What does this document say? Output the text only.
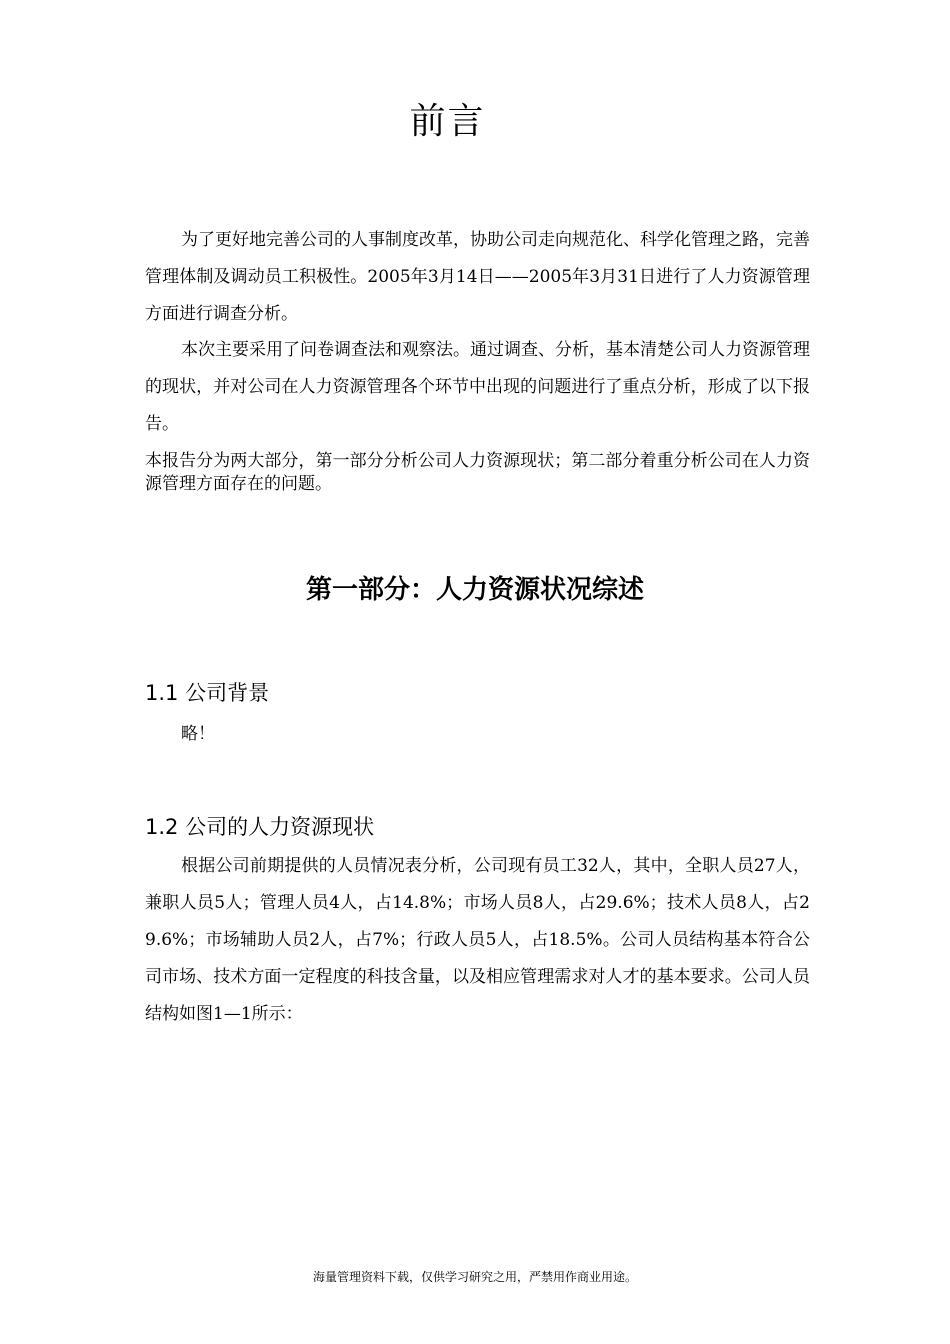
前言

为了更好地完善公司的人事制度改革，协助公司走向规范化、科学化管理之路，完善管理体制及调动员工积极性。2005年3月14日——2005年3月31日进行了人力资源管理方面进行调查分析。

本次主要采用了问卷调查法和观察法。通过调查、分析，基本清楚公司人力资源管理的现状，并对公司在人力资源管理各个环节中出现的问题进行了重点分析，形成了以下报告。

本报告分为两大部分，第一部分分析公司人力资源现状；第二部分着重分析公司在人力资源管理方面存在的问题。

第一部分：人力资源状况综述
1.1 公司背景

略！

1.2 公司的人力资源现状

根据公司前期提供的人员情况表分析，公司现有员工32人，其中，全职人员27人，兼职人员5人；管理人员4人，占14.8%；市场人员8人，占29.6%；技术人员8人，占29.6%；市场辅助人员2人，占7%；行政人员5人，占18.5%。公司人员结构基本符合公司市场、技术方面一定程度的科技含量，以及相应管理需求对人才的基本要求。公司人员结构如图1—1所示：

海量管理资料下载，仅供学习研究之用，严禁用作商业用途。
